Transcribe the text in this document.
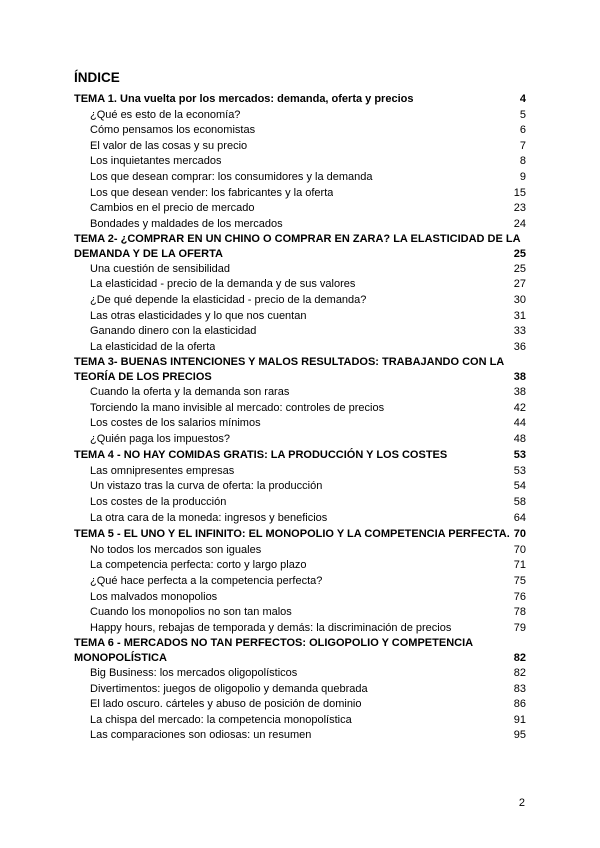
ÍNDICE
TEMA 1. Una vuelta por los mercados: demanda, oferta y precios	4
¿Qué es esto de la economía?	5
Cómo pensamos los economistas	6
El valor de las cosas y su precio	7
Los inquietantes mercados	8
Los que desean comprar: los consumidores y la demanda	9
Los que desean vender: los fabricantes y la oferta	15
Cambios en el precio de mercado	23
Bondades y maldades de los mercados	24
TEMA 2- ¿COMPRAR EN UN CHINO O COMPRAR EN ZARA? LA ELASTICIDAD DE LA
DEMANDA Y DE LA OFERTA	25
Una cuestión de sensibilidad	25
La elasticidad - precio de la demanda y de sus valores	27
¿De qué depende la elasticidad - precio de la demanda?	30
Las otras elasticidades y lo que nos cuentan	31
Ganando dinero con la elasticidad	33
La elasticidad de la oferta	36
TEMA 3- BUENAS INTENCIONES Y MALOS RESULTADOS: TRABAJANDO CON LA
TEORÍA DE LOS PRECIOS	38
Cuando la oferta y la demanda son raras	38
Torciendo la mano invisible al mercado: controles de precios	42
Los costes de los salarios mínimos	44
¿Quién paga los impuestos?	48
TEMA 4 - NO HAY COMIDAS GRATIS: LA PRODUCCIÓN Y LOS COSTES	53
Las omnipresentes empresas	53
Un vistazo tras la curva de oferta: la producción	54
Los costes de la producción	58
La otra cara de la moneda: ingresos y beneficios	64
TEMA 5 - EL UNO Y EL INFINITO: EL MONOPOLIO Y LA COMPETENCIA PERFECTA. 70
No todos los mercados son iguales	70
La competencia perfecta: corto y largo plazo	71
¿Qué hace perfecta a la competencia perfecta?	75
Los malvados monopolios	76
Cuando los monopolios no son tan malos	78
Happy hours, rebajas de temporada y demás: la discriminación de precios	79
TEMA 6 - MERCADOS NO TAN PERFECTOS: OLIGOPOLIO Y COMPETENCIA
MONOPOLÍSTICA	82
Big Business: los mercados oligopolísticos	82
Divertimentos: juegos de oligopolio y demanda quebrada	83
El lado oscuro. cárteles y abuso de posición de dominio	86
La chispa del mercado: la competencia monopolística	91
Las comparaciones son odiosas: un resumen	95
2
